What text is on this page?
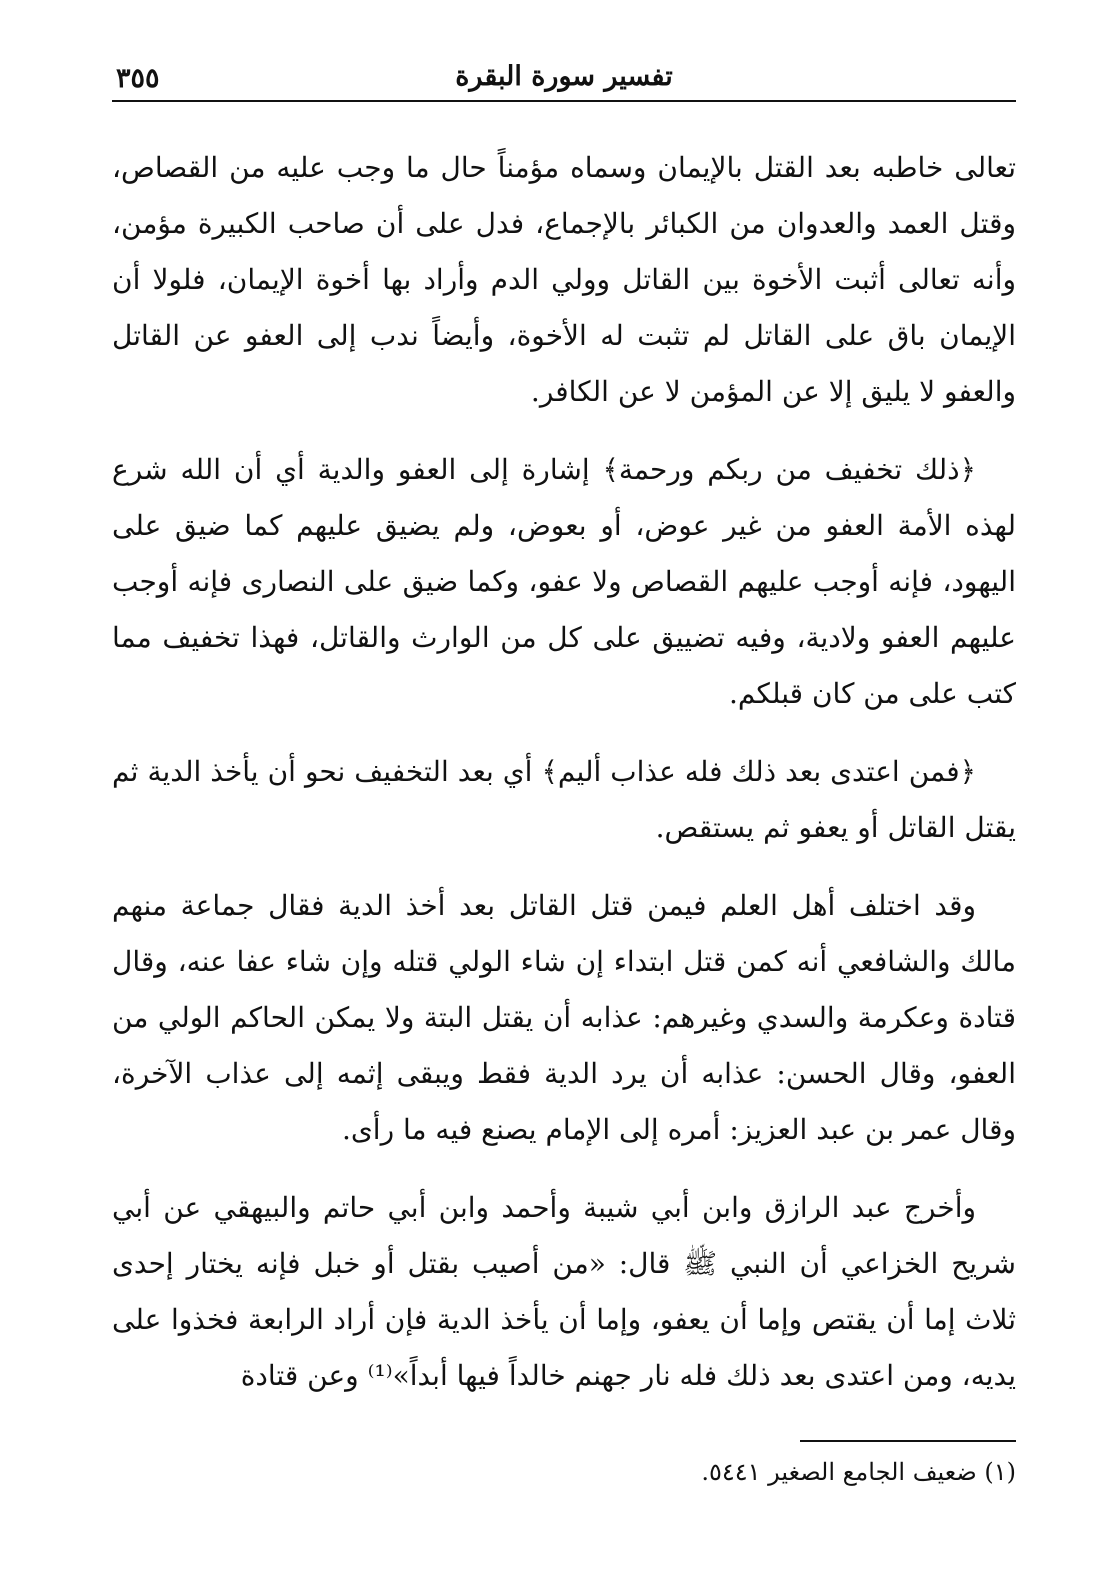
تفسير سورة البقرة
٣٥٥

تعالى خاطبه بعد القتل بالإيمان وسماه مؤمناً حال ما وجب عليه من القصاص، وقتل العمد والعدوان من الكبائر بالإجماع، فدل على أن صاحب الكبيرة مؤمن، وأنه تعالى أثبت الأخوة بين القاتل وولي الدم وأراد بها أخوة الإيمان، فلولا أن الإيمان باق على القاتل لم تثبت له الأخوة، وأيضاً ندب إلى العفو عن القاتل والعفو لا يليق إلا عن المؤمن لا عن الكافر.

﴿ذلك تخفيف من ربكم ورحمة﴾ إشارة إلى العفو والدية أي أن الله شرع لهذه الأمة العفو من غير عوض، أو بعوض، ولم يضيق عليهم كما ضيق على اليهود، فإنه أوجب عليهم القصاص ولا عفو، وكما ضيق على النصارى فإنه أوجب عليهم العفو ولادية، وفيه تضييق على كل من الوارث والقاتل، فهذا تخفيف مما كتب على من كان قبلكم.

﴿فمن اعتدى بعد ذلك فله عذاب أليم﴾ أي بعد التخفيف نحو أن يأخذ الدية ثم يقتل القاتل أو يعفو ثم يستقص.

وقد اختلف أهل العلم فيمن قتل القاتل بعد أخذ الدية فقال جماعة منهم مالك والشافعي أنه كمن قتل ابتداء إن شاء الولي قتله وإن شاء عفا عنه، وقال قتادة وعكرمة والسدي وغيرهم: عذابه أن يقتل البتة ولا يمكن الحاكم الولي من العفو، وقال الحسن: عذابه أن يرد الدية فقط ويبقى إثمه إلى عذاب الآخرة، وقال عمر بن عبد العزيز: أمره إلى الإمام يصنع فيه ما رأى.

وأخرج عبد الرازق وابن أبي شيبة وأحمد وابن أبي حاتم والبيهقي عن أبي شريح الخزاعي أن النبي ﷺ قال: «من أصيب بقتل أو خبل فإنه يختار إحدى ثلاث إما أن يقتص وإما أن يعفو، وإما أن يأخذ الدية فإن أراد الرابعة فخذوا على يديه، ومن اعتدى بعد ذلك فله نار جهنم خالداً فيها أبداً»⁽¹⁾ وعن قتادة

(١) ضعيف الجامع الصغير ٥٤٤١.
